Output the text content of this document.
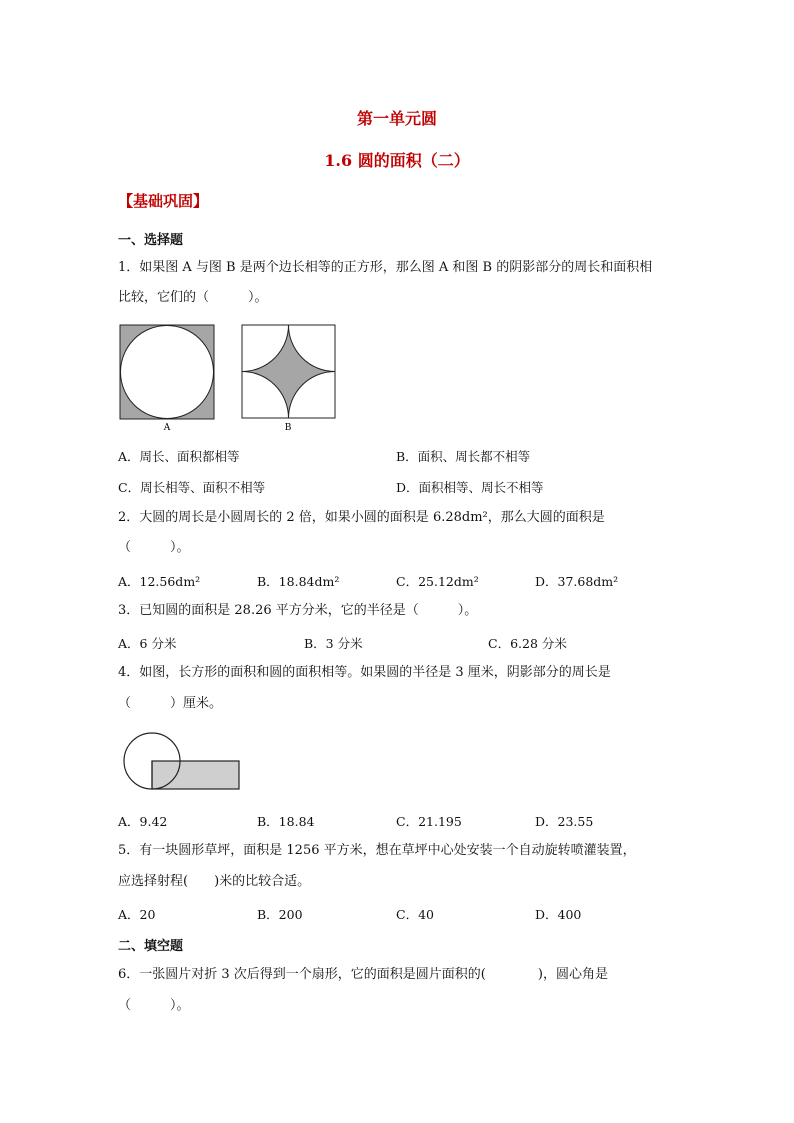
第一单元圆
1.6 圆的面积（二）
【基础巩固】
一、选择题
1．如果图 A 与图 B 是两个边长相等的正方形，那么图 A 和图 B 的阴影部分的周长和面积相
比较，它们的（　　　）。
A	B
A．周长、面积都相等	B．面积、周长都不相等
C．周长相等、面积不相等	D．面积相等、周长不相等
2．大圆的周长是小圆周长的 2 倍，如果小圆的面积是 6.28dm²，那么大圆的面积是
（　　　）。
A．12.56dm²	B．18.84dm²	C．25.12dm²	D．37.68dm²
3．已知圆的面积是 28.26 平方分米，它的半径是（　　　）。
A．6 分米	B．3 分米	C．6.28 分米
4．如图，长方形的面积和圆的面积相等。如果圆的半径是 3 厘米，阴影部分的周长是
（　　　）厘米。
A．9.42	B．18.84	C．21.195	D．23.55
5．有一块圆形草坪，面积是 1256 平方米，想在草坪中心处安装一个自动旋转喷灌装置，
应选择射程(　　)米的比较合适。
A．20	B．200	C．40	D．400
二、填空题
6．一张圆片对折 3 次后得到一个扇形，它的面积是圆片面积的(　　　　)，圆心角是
（　　　）。
